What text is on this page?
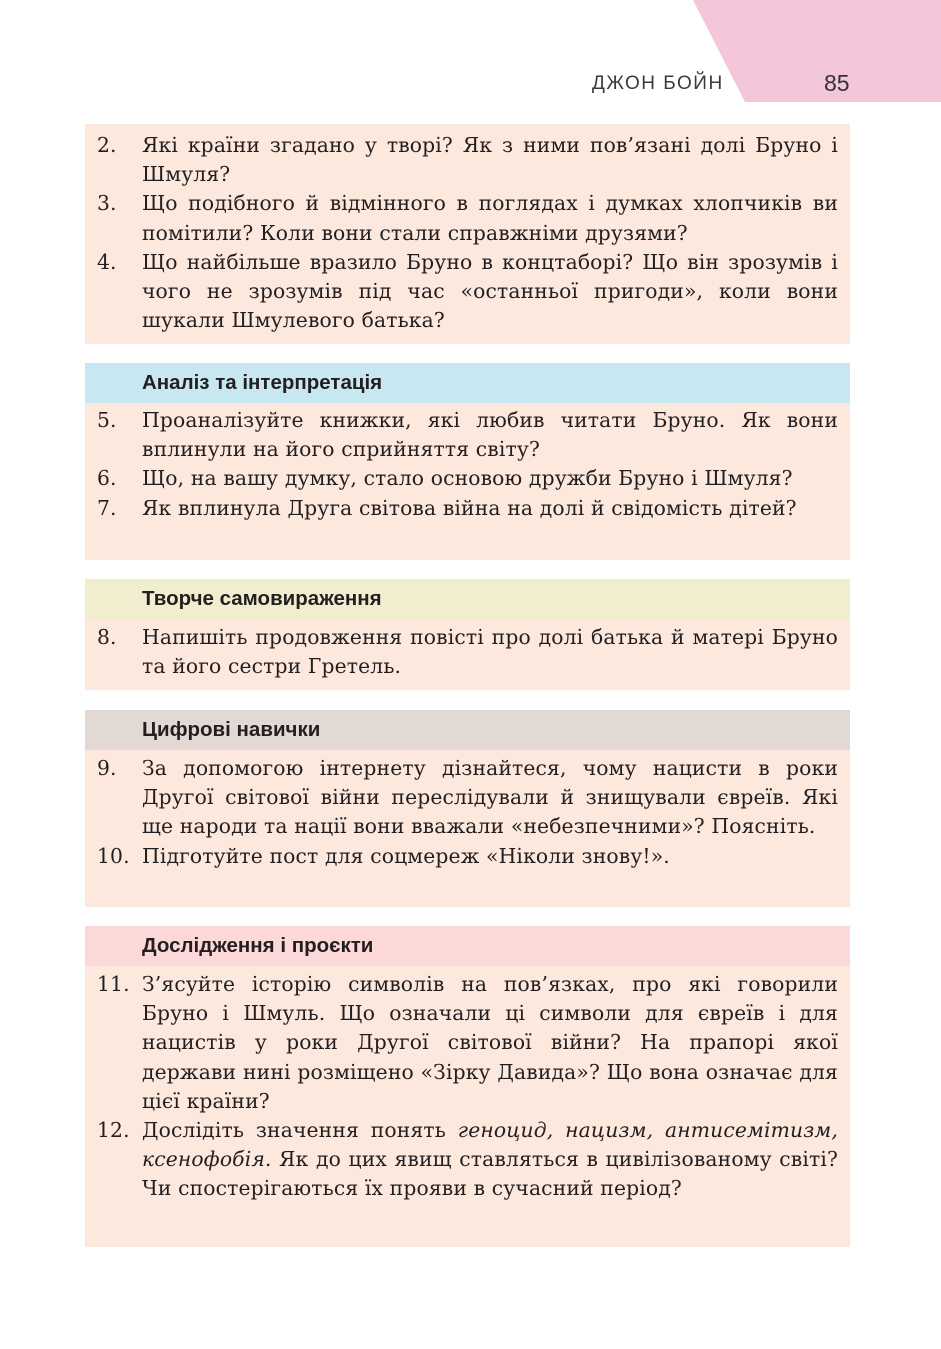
ДЖОН БОЙН	85
2. Які країни згадано у творі? Як з ними пов’язані долі Бруно і Шмуля?
3. Що подібного й відмінного в поглядах і думках хлопчиків ви помітили? Коли вони стали справжніми друзями?
4. Що найбільше вразило Бруно в концтаборі? Що він зрозумів і чого не зрозумів під час «останньої пригоди», коли вони шукали Шмулевого батька?
Аналіз та інтерпретація
5. Проаналізуйте книжки, які любив читати Бруно. Як вони вплинули на його сприйняття світу?
6. Що, на вашу думку, стало основою дружби Бруно і Шмуля?
7. Як вплинула Друга світова війна на долі й свідомість дітей?
Творче самовираження
8. Напишіть продовження повісті про долі батька й матері Бруно та його сестри Гретель.
Цифрові навички
9. За допомогою інтернету дізнайтеся, чому нацисти в роки Другої світової війни переслідували й знищували євреїв. Які ще народи та нації вони вважали «небезпечними»? Поясніть.
10. Підготуйте пост для соцмереж «Ніколи знову!».
Дослідження і проєкти
11. З’ясуйте історію символів на пов’язках, про які говорили Бруно і Шмуль. Що означали ці символи для євреїв і для нацистів у роки Другої світової війни? На прапорі якої держави нині розміщено «Зірку Давида»? Що вона означає для цієї країни?
12. Дослідіть значення понять геноцид, нацизм, антисемітизм, ксенофобія. Як до цих явищ ставляться в цивілізованому світі? Чи спостерігаються їх прояви в сучасний період?
